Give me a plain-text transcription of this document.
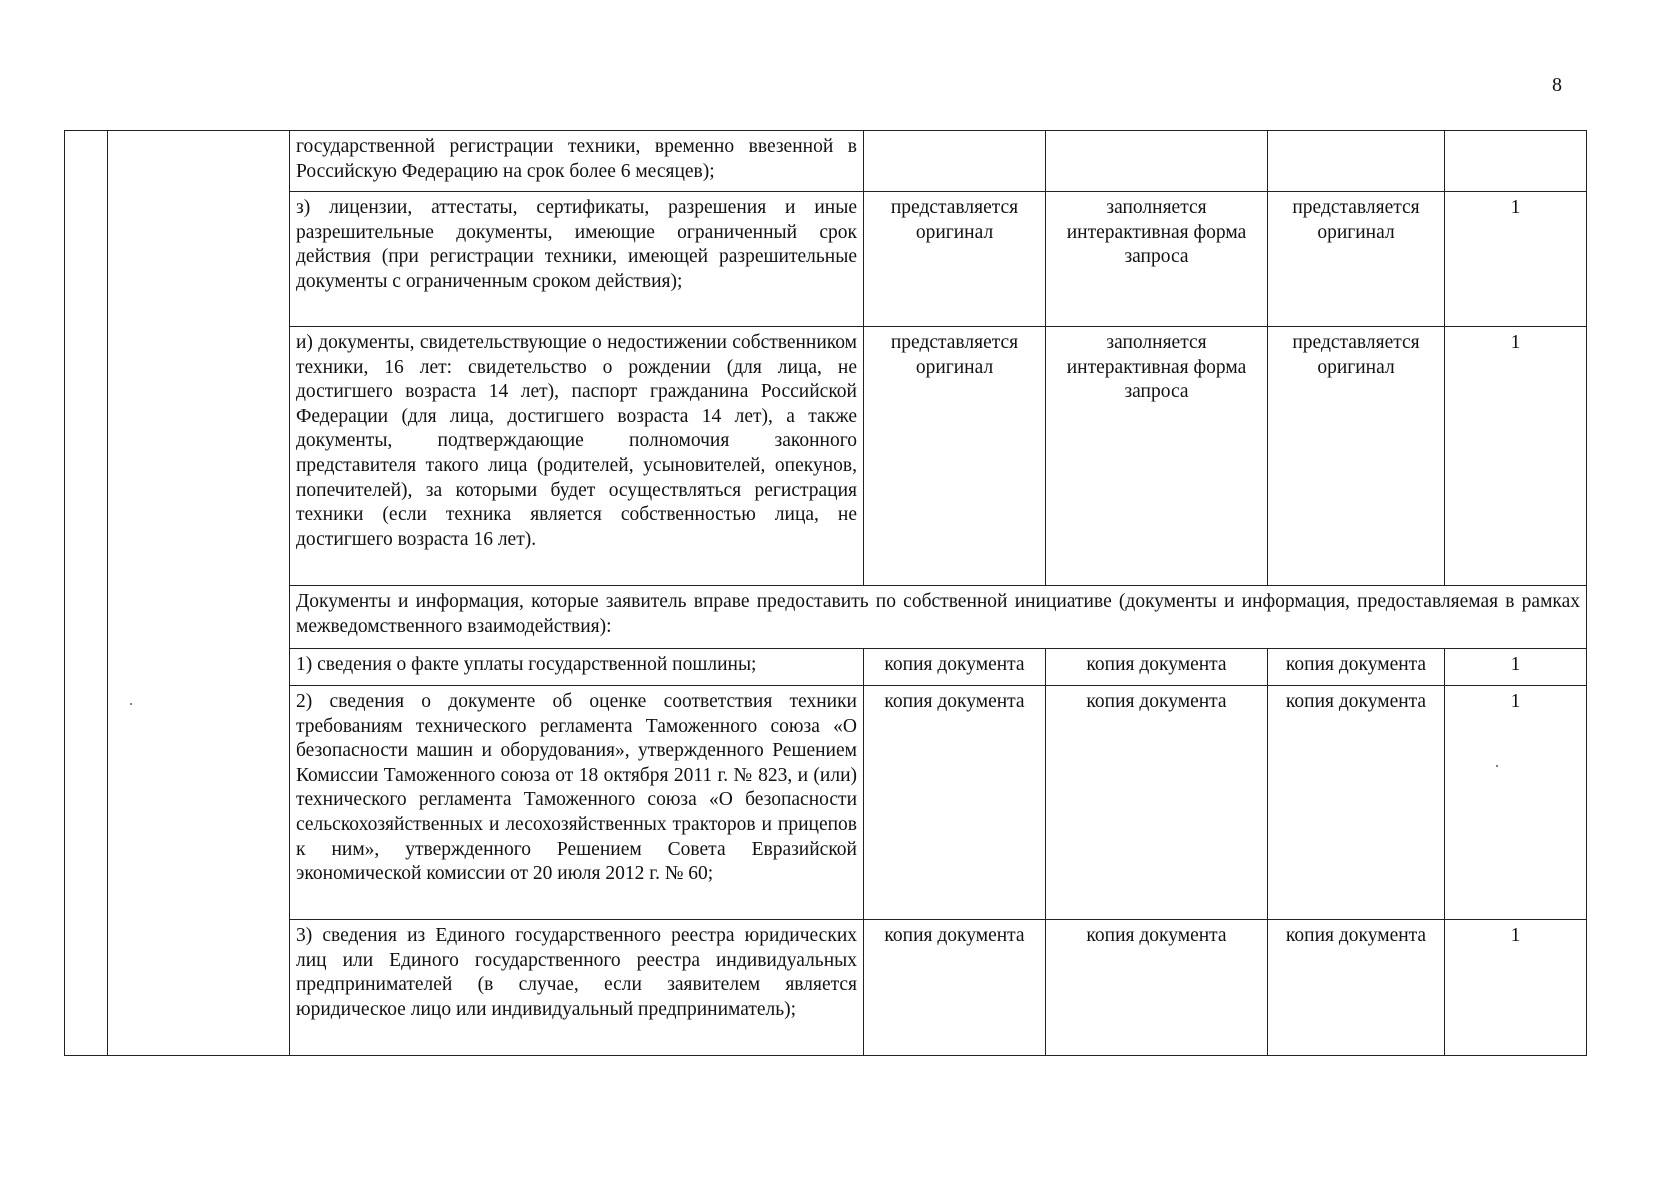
8
		государственной регистрации техники, временно ввезенной в Российскую Федерацию на срок более 6 месяцев);				
		з) лицензии, аттестаты, сертификаты, разрешения и иные разрешительные документы, имеющие ограниченный срок действия (при регистрации техники, имеющей разрешительные документы с ограниченным сроком действия);	представляется оригинал	заполняется интерактивная форма запроса	представляется оригинал	1
		и) документы, свидетельствующие о недостижении собственником техники, 16 лет: свидетельство о рождении (для лица, не достигшего возраста 14 лет), паспорт гражданина Российской Федерации (для лица, достигшего возраста 14 лет), а также документы, подтверждающие полномочия законного представителя такого лица (родителей, усыновителей, опекунов, попечителей), за которыми будет осуществляться регистрация техники (если техника является собственностью лица, не достигшего возраста 16 лет).	представляется оригинал	заполняется интерактивная форма запроса	представляется оригинал	1
		Документы и информация, которые заявитель вправе предоставить по собственной инициативе (документы и информация, предоставляемая в рамках межведомственного взаимодействия):				
		1) сведения о факте уплаты государственной пошлины;	копия документа	копия документа	копия документа	1
		2) сведения о документе об оценке соответствия техники требованиям технического регламента Таможенного союза «О безопасности машин и оборудования», утвержденного Решением Комиссии Таможенного союза от 18 октября 2011 г. № 823, и (или) технического регламента Таможенного союза «О безопасности сельскохозяйственных и лесохозяйственных тракторов и прицепов к ним», утвержденного Решением Совета Евразийской экономической комиссии от 20 июля 2012 г. № 60;	копия документа	копия документа	копия документа	1
		3) сведения из Единого государственного реестра юридических лиц или Единого государственного реестра индивидуальных предпринимателей (в случае, если заявителем является юридическое лицо или индивидуальный предприниматель);	копия документа	копия документа	копия документа	1
